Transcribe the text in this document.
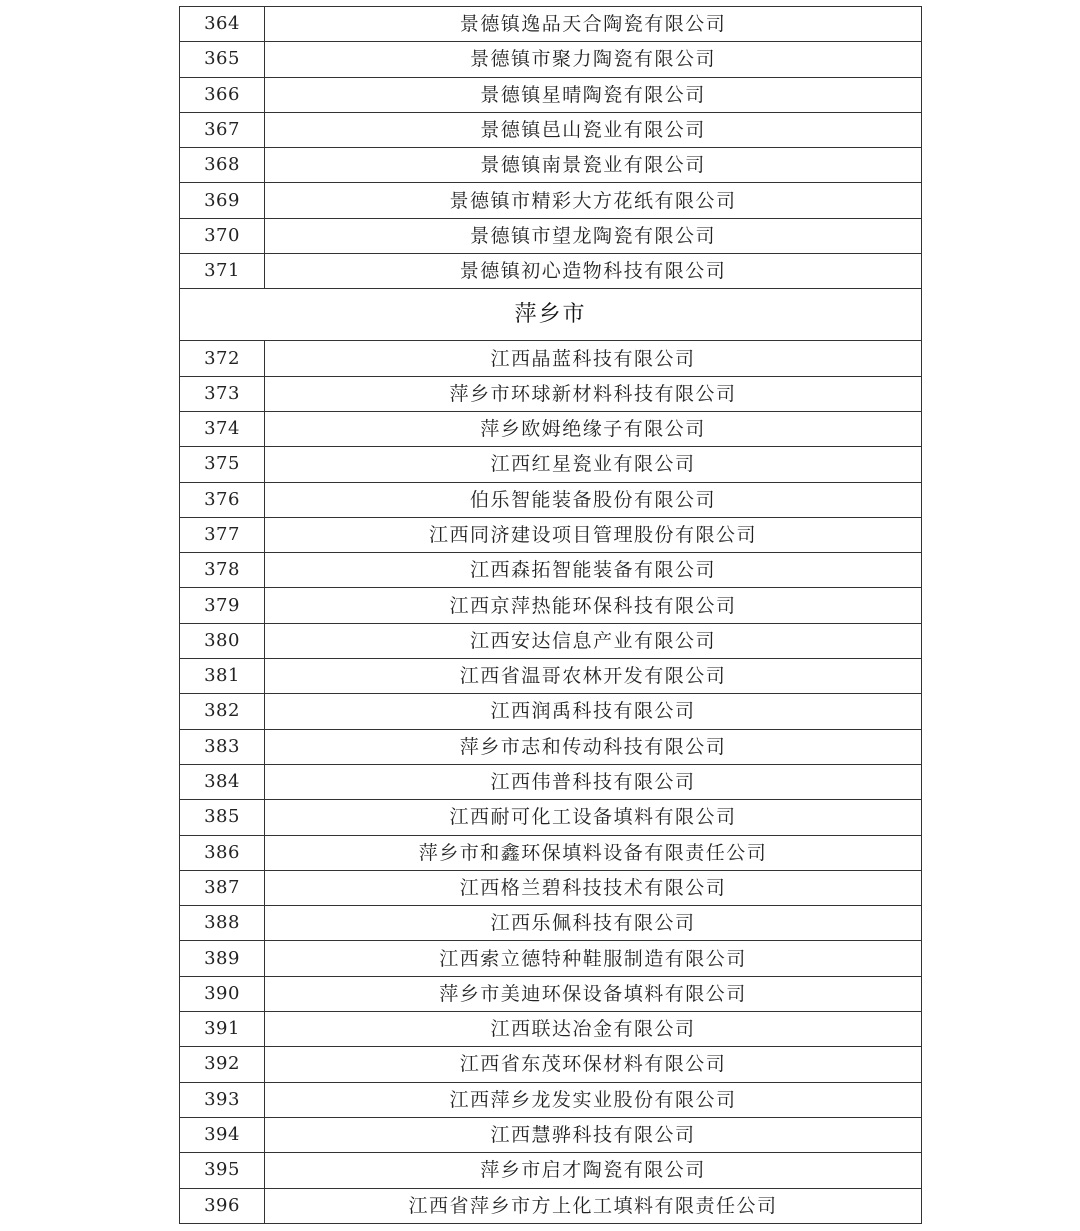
364	景德镇逸品天合陶瓷有限公司
365	景德镇市聚力陶瓷有限公司
366	景德镇星晴陶瓷有限公司
367	景德镇邑山瓷业有限公司
368	景德镇南景瓷业有限公司
369	景德镇市精彩大方花纸有限公司
370	景德镇市望龙陶瓷有限公司
371	景德镇初心造物科技有限公司
萍乡市	
372	江西晶蓝科技有限公司
373	萍乡市环球新材料科技有限公司
374	萍乡欧姆绝缘子有限公司
375	江西红星瓷业有限公司
376	伯乐智能装备股份有限公司
377	江西同济建设项目管理股份有限公司
378	江西森拓智能装备有限公司
379	江西京萍热能环保科技有限公司
380	江西安达信息产业有限公司
381	江西省温哥农林开发有限公司
382	江西润禹科技有限公司
383	萍乡市志和传动科技有限公司
384	江西伟普科技有限公司
385	江西耐可化工设备填料有限公司
386	萍乡市和鑫环保填料设备有限责任公司
387	江西格兰碧科技技术有限公司
388	江西乐佩科技有限公司
389	江西索立德特种鞋服制造有限公司
390	萍乡市美迪环保设备填料有限公司
391	江西联达冶金有限公司
392	江西省东茂环保材料有限公司
393	江西萍乡龙发实业股份有限公司
394	江西慧骅科技有限公司
395	萍乡市启才陶瓷有限公司
396	江西省萍乡市方上化工填料有限责任公司
